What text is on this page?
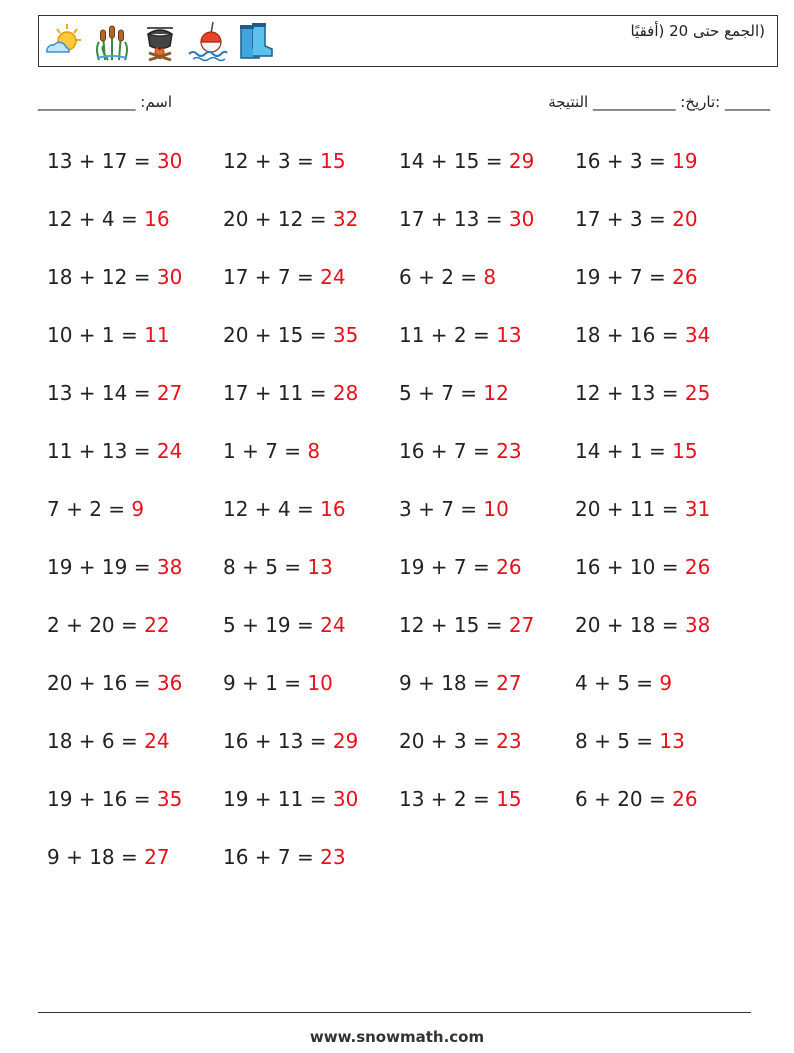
(الجمع حتى 20 (أفقيًا
______ :تاريخ: ___________ النتيجة
اسم: _____________
13 + 17 = 30	12 + 3 = 15	14 + 15 = 29	16 + 3 = 19
12 + 4 = 16	20 + 12 = 32	17 + 13 = 30	17 + 3 = 20
18 + 12 = 30	17 + 7 = 24	6 + 2 = 8	19 + 7 = 26
10 + 1 = 11	20 + 15 = 35	11 + 2 = 13	18 + 16 = 34
13 + 14 = 27	17 + 11 = 28	5 + 7 = 12	12 + 13 = 25
11 + 13 = 24	1 + 7 = 8	16 + 7 = 23	14 + 1 = 15
7 + 2 = 9	12 + 4 = 16	3 + 7 = 10	20 + 11 = 31
19 + 19 = 38	8 + 5 = 13	19 + 7 = 26	16 + 10 = 26
2 + 20 = 22	5 + 19 = 24	12 + 15 = 27	20 + 18 = 38
20 + 16 = 36	9 + 1 = 10	9 + 18 = 27	4 + 5 = 9
18 + 6 = 24	16 + 13 = 29	20 + 3 = 23	8 + 5 = 13
19 + 16 = 35	19 + 11 = 30	13 + 2 = 15	6 + 20 = 26
9 + 18 = 27	16 + 7 = 23
www.snowmath.com
